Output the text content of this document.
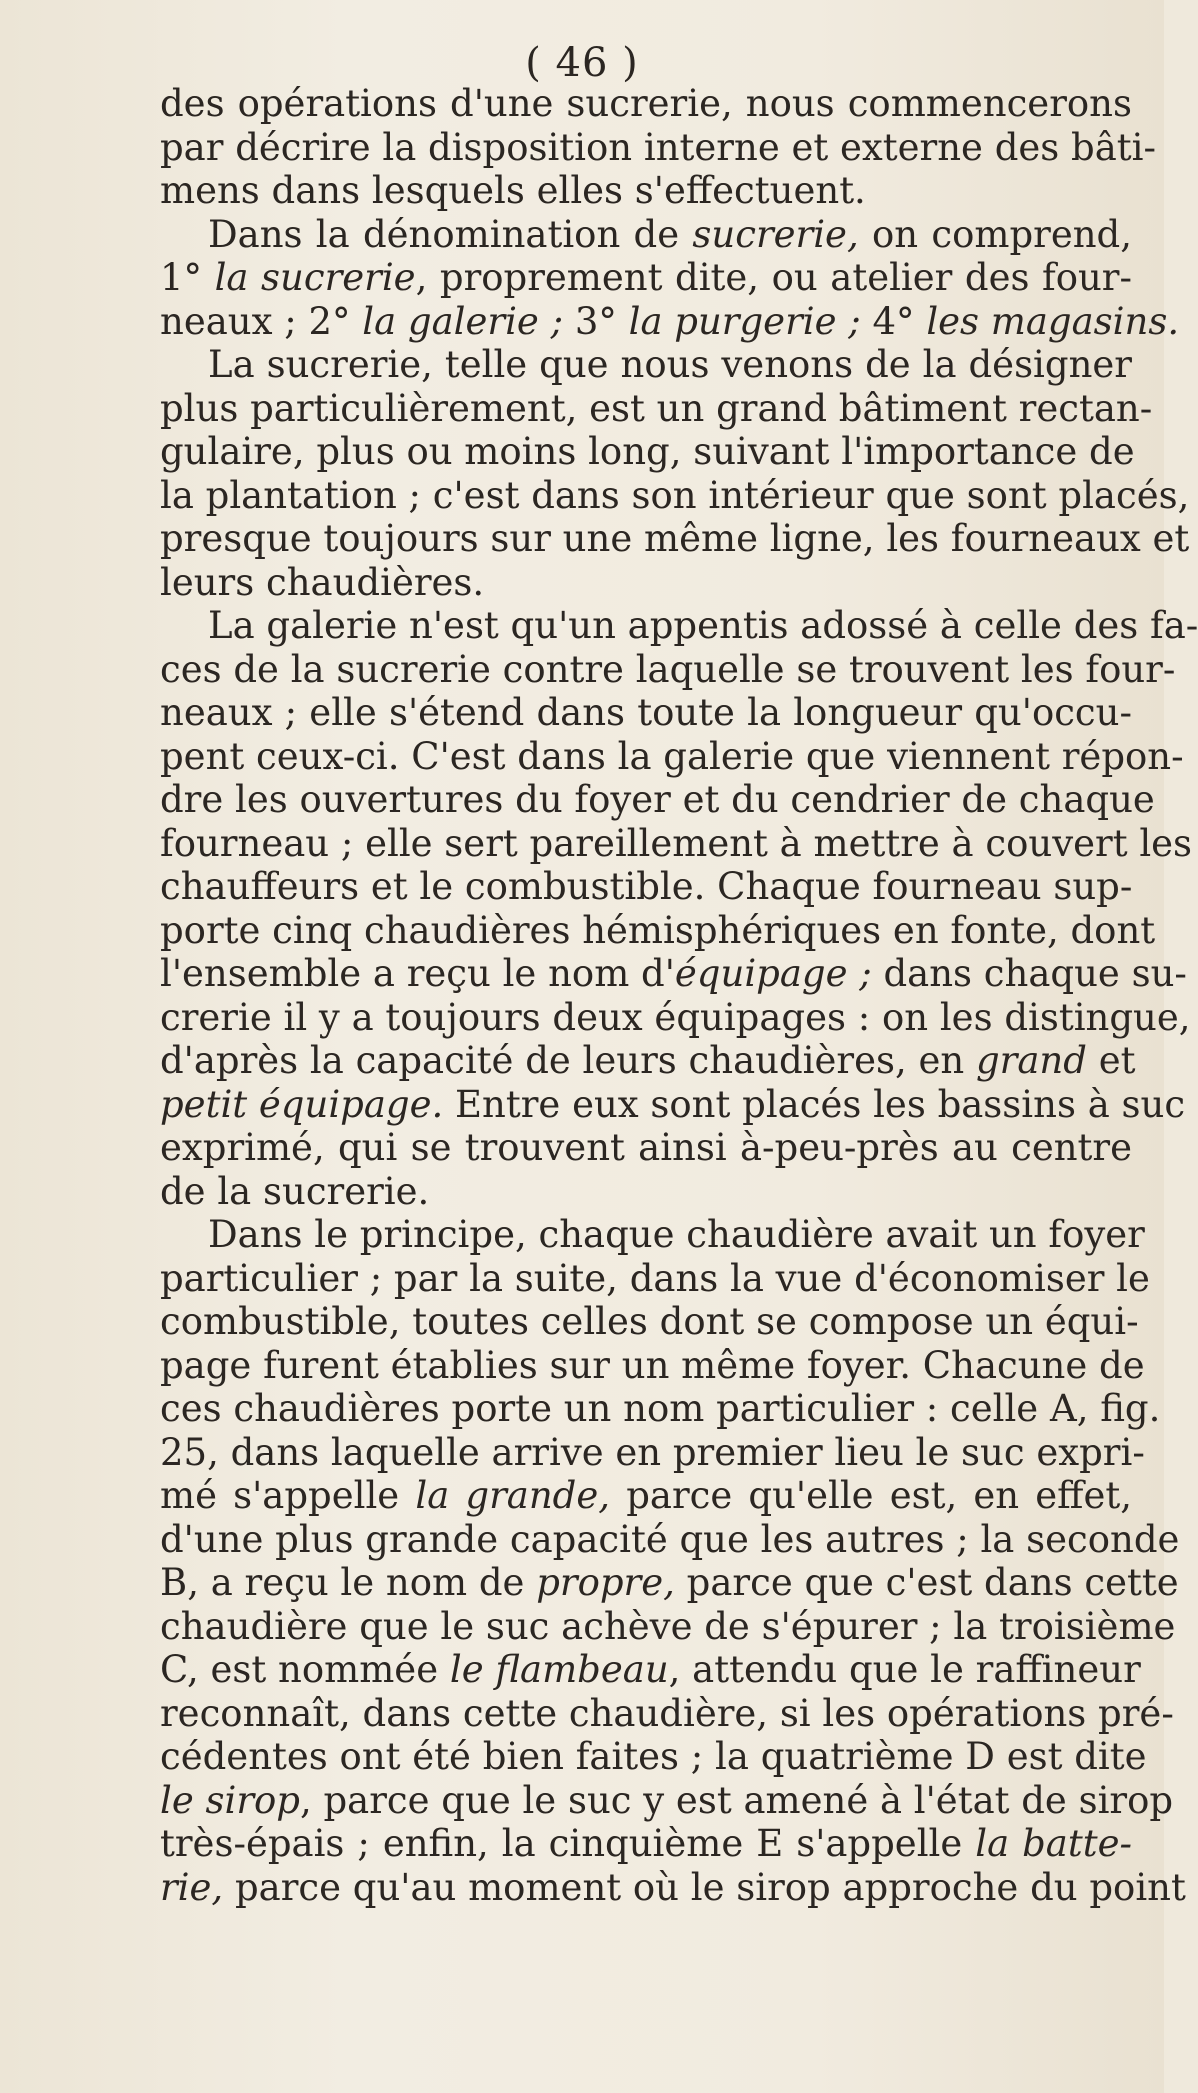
( 46 )
des opérations d'une sucrerie, nous commencerons
par décrire la disposition interne et externe des bâti-
mens dans lesquels elles s'effectuent.
Dans la dénomination de sucrerie, on comprend,
1° la sucrerie, proprement dite, ou atelier des four-
neaux ; 2° la galerie ; 3° la purgerie ; 4° les magasins.
La sucrerie, telle que nous venons de la désigner
plus particulièrement, est un grand bâtiment rectan-
gulaire, plus ou moins long, suivant l'importance de
la plantation ; c'est dans son intérieur que sont placés,
presque toujours sur une même ligne, les fourneaux et
leurs chaudières.
La galerie n'est qu'un appentis adossé à celle des fa-
ces de la sucrerie contre laquelle se trouvent les four-
neaux ; elle s'étend dans toute la longueur qu'occu-
pent ceux-ci. C'est dans la galerie que viennent répon-
dre les ouvertures du foyer et du cendrier de chaque
fourneau ; elle sert pareillement à mettre à couvert les
chauffeurs et le combustible. Chaque fourneau sup-
porte cinq chaudières hémisphériques en fonte, dont
l'ensemble a reçu le nom d'équipage ; dans chaque su-
crerie il y a toujours deux équipages : on les distingue,
d'après la capacité de leurs chaudières, en grand et
petit équipage. Entre eux sont placés les bassins à suc
exprimé, qui se trouvent ainsi à-peu-près au centre
de la sucrerie.
Dans le principe, chaque chaudière avait un foyer
particulier ; par la suite, dans la vue d'économiser le
combustible, toutes celles dont se compose un équi-
page furent établies sur un même foyer. Chacune de
ces chaudières porte un nom particulier : celle A, fig.
25, dans laquelle arrive en premier lieu le suc expri-
mé s'appelle la grande, parce qu'elle est, en effet,
d'une plus grande capacité que les autres ; la seconde
B, a reçu le nom de propre, parce que c'est dans cette
chaudière que le suc achève de s'épurer ; la troisième
C, est nommée le flambeau, attendu que le raffineur
reconnaît, dans cette chaudière, si les opérations pré-
cédentes ont été bien faites ; la quatrième D est dite
le sirop, parce que le suc y est amené à l'état de sirop
très-épais ; enfin, la cinquième E s'appelle la batte-
rie, parce qu'au moment où le sirop approche du point
